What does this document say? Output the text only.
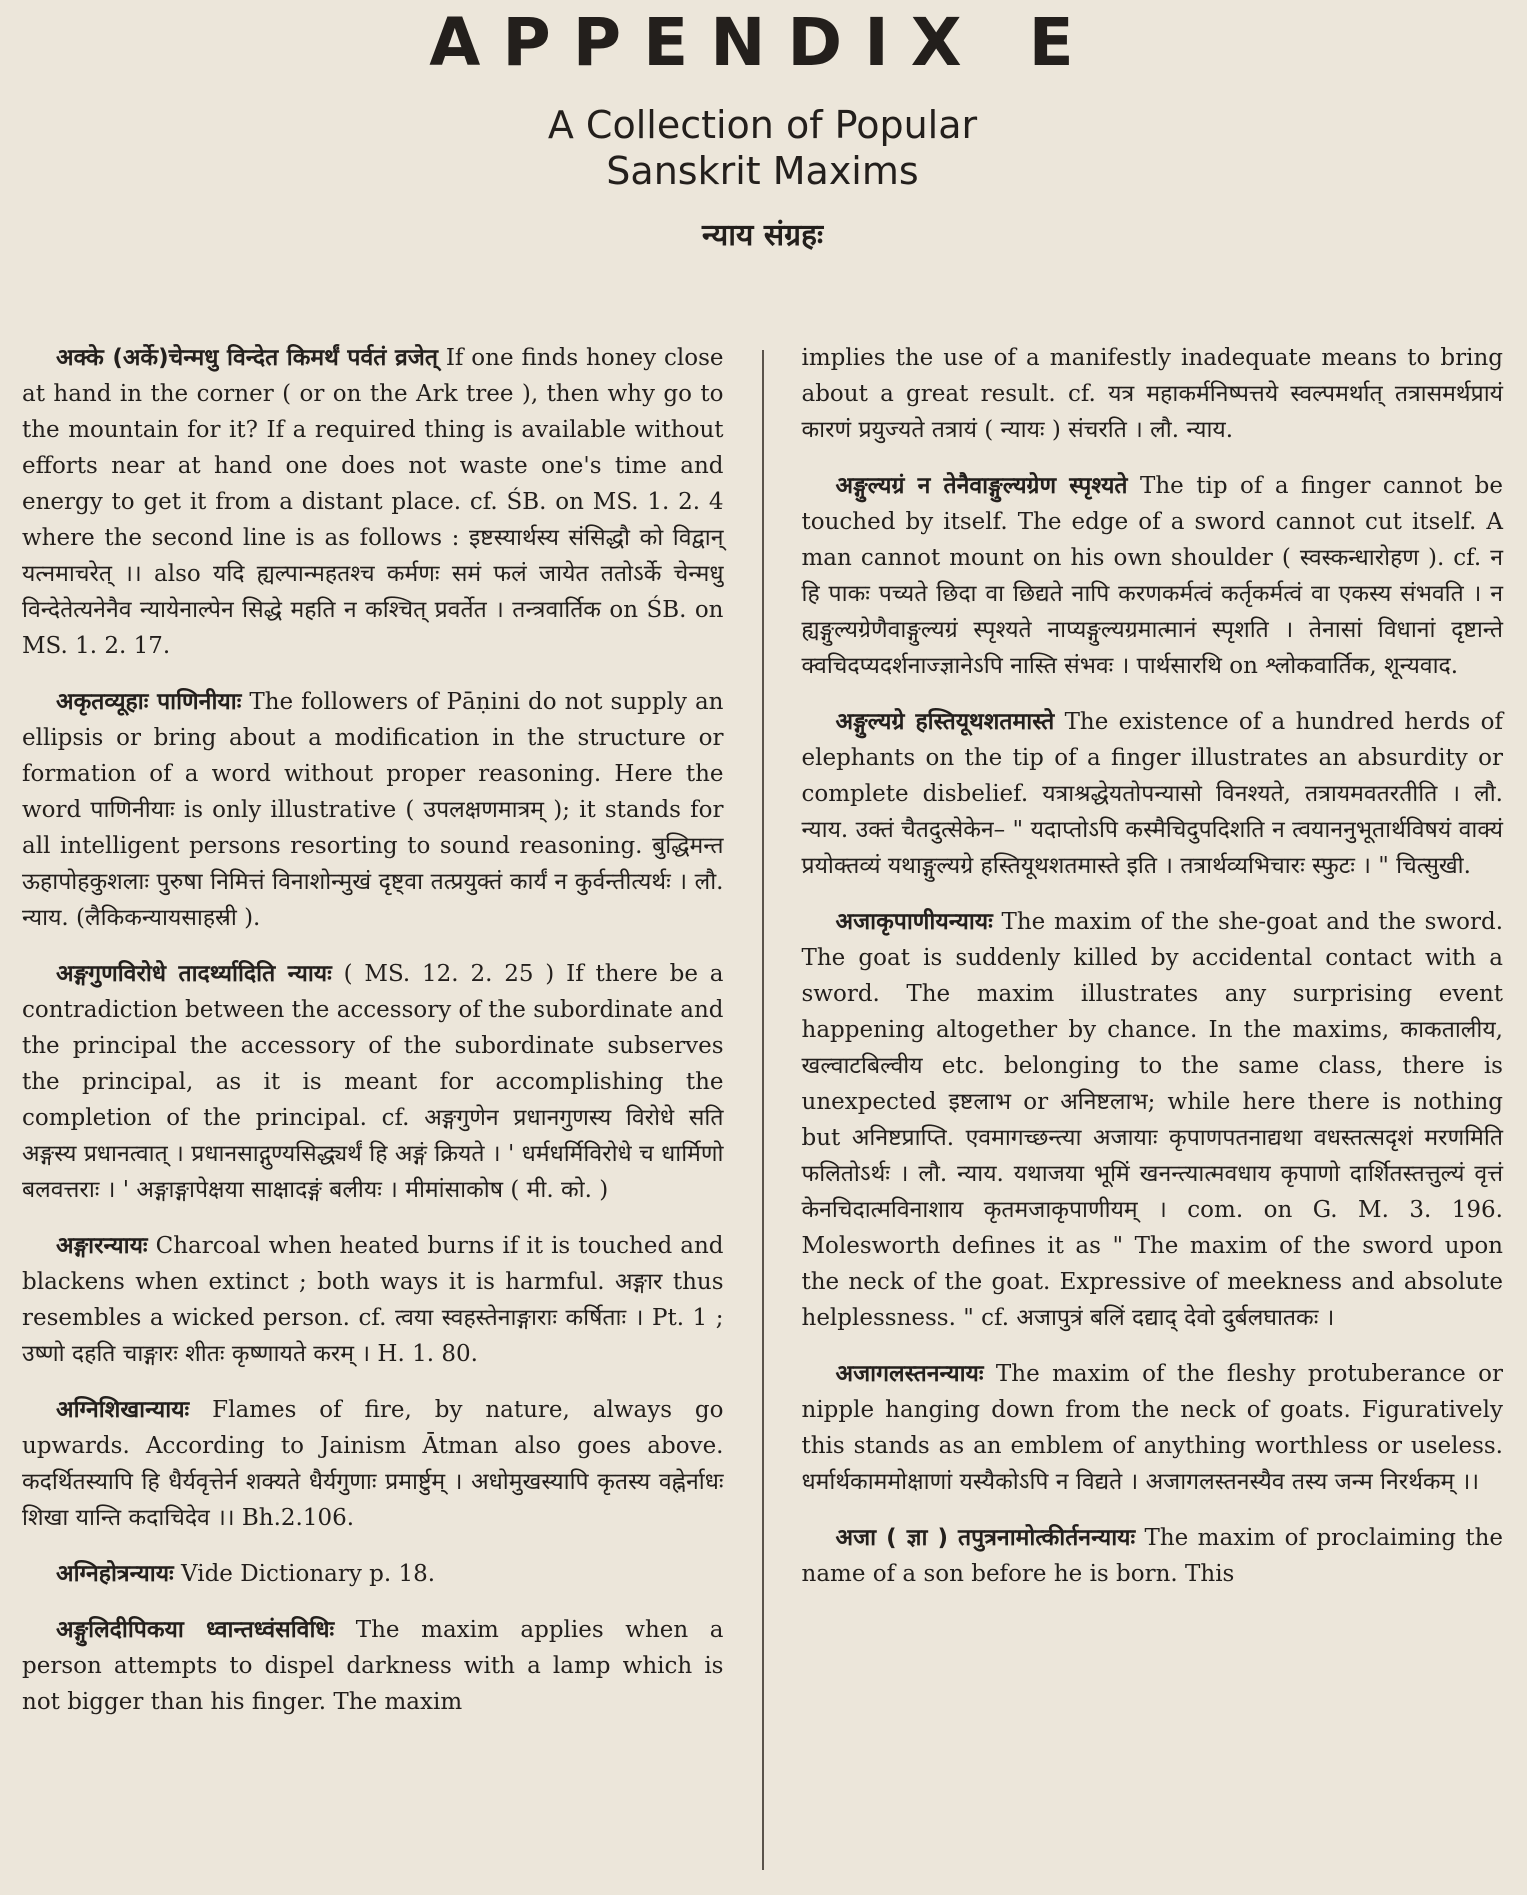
APPENDIX E
A Collection of Popular
Sanskrit Maxims
न्याय संग्रहः

अक्के (अर्के)चेन्मधु विन्देत किमर्थं पर्वतं व्रजेत् If one finds honey close at hand in the corner ( or on the Ark tree ), then why go to the mountain for it? If a required thing is available without efforts near at hand one does not waste one's time and energy to get it from a distant place. cf. ŚB. on MS. 1. 2. 4 where the second line is as follows : इष्टस्यार्थस्य संसिद्धौ को विद्वान् यत्नमाचरेत् ।। also यदि ह्यल्पान्महतश्च कर्मणः समं फलं जायेत ततोऽर्के चेन्मधु विन्देतेत्यनेनैव न्यायेनाल्पेन सिद्धे महति न कश्चित् प्रवर्तेत । तन्त्रवार्तिक on ŚB. on MS. 1. 2. 17.

अकृतव्यूहाः पाणिनीयाः The followers of Pāṇini do not supply an ellipsis or bring about a modification in the structure or formation of a word without proper reasoning. Here the word पाणिनीयाः is only illustrative ( उपलक्षणमात्रम् ); it stands for all intelligent persons resorting to sound reasoning. बुद्धिमन्त ऊहापोहकुशलाः पुरुषा निमित्तं विनाशोन्मुखं दृष्ट्वा तत्प्रयुक्तं कार्यं न कुर्वन्तीत्यर्थः । लौ. न्याय. (लैकिकन्यायसाहस्री ).

अङ्गगुणविरोधे तादर्थ्यादिति न्यायः ( MS. 12. 2. 25 ) If there be a contradiction between the accessory of the subordinate and the principal the accessory of the subordinate subserves the principal, as it is meant for accomplishing the completion of the principal. cf. अङ्गगुणेन प्रधानगुणस्य विरोधे सति अङ्गस्य प्रधानत्वात् । प्रधानसाद्गुण्यसिद्ध्यर्थं हि अङ्गं क्रियते । ' धर्मधर्मिविरोधे च धार्मिणो बलवत्तराः । ' अङ्गाङ्गापेक्षया साक्षादङ्गं बलीयः । मीमांसाकोष ( मी. को. )

अङ्गारन्यायः Charcoal when heated burns if it is touched and blackens when extinct ; both ways it is harmful. अङ्गार thus resembles a wicked person. cf. त्वया स्वहस्तेनाङ्गाराः कर्षिताः । Pt. 1 ; उष्णो दहति चाङ्गारः शीतः कृष्णायते करम् । H. 1. 80.

अग्निशिखान्यायः Flames of fire, by nature, always go upwards. According to Jainism Ātman also goes above. कदर्थितस्यापि हि धैर्यवृत्तेर्न शक्यते धैर्यगुणाः प्रमार्ष्टुम् । अधोमुखस्यापि कृतस्य वह्नेर्नाधः शिखा यान्ति कदाचिदेव ।। Bh.2.106.

अग्निहोत्रन्यायः Vide Dictionary p. 18.

अङ्गुलिदीपिकया ध्वान्तध्वंसविधिः The maxim applies when a person attempts to dispel darkness with a lamp which is not bigger than his finger. The maxim

implies the use of a manifestly inadequate means to bring about a great result. cf. यत्र महाकर्मनिष्पत्तये स्वल्पमर्थात् तत्रासमर्थप्रायं कारणं प्रयुज्यते तत्रायं ( न्यायः ) संचरति । लौ. न्याय.

अङ्गुल्यग्रं न तेनैवाङ्गुल्यग्रेण स्पृश्यते The tip of a finger cannot be touched by itself. The edge of a sword cannot cut itself. A man cannot mount on his own shoulder ( स्वस्कन्धारोहण ). cf. न हि पाकः पच्यते छिदा वा छिद्यते नापि करणकर्मत्वं कर्तृकर्मत्वं वा एकस्य संभवति । न ह्यङ्गुल्यग्रेणैवाङ्गुल्यग्रं स्पृश्यते नाप्यङ्गुल्यग्रमात्मानं स्पृशति । तेनासां विधानां दृष्टान्ते क्वचिदप्यदर्शनाज्ज्ञानेऽपि नास्ति संभवः । पार्थसारथि on श्लोकवार्तिक, शून्यवाद.

अङ्गुल्यग्रे हस्तियूथशतमास्ते The existence of a hundred herds of elephants on the tip of a finger illustrates an absurdity or complete disbelief. यत्राश्रद्धेयतोपन्यासो विनश्यते, तत्रायमवतरतीति । लौ. न्याय. उक्तं चैतदुत्सेकेन– " यदाप्तोऽपि कस्मैचिदुपदिशति न त्वयाननुभूतार्थविषयं वाक्यं प्रयोक्तव्यं यथाङ्गुल्यग्रे हस्तियूथशतमास्ते इति । तत्रार्थव्यभिचारः स्फुटः । " चित्सुखी.

अजाकृपाणीयन्यायः The maxim of the she-goat and the sword. The goat is suddenly killed by accidental contact with a sword. The maxim illustrates any surprising event happening altogether by chance. In the maxims, काकतालीय, खल्वाटबिल्वीय etc. belonging to the same class, there is unexpected इष्टलाभ or अनिष्टलाभ; while here there is nothing but अनिष्टप्राप्ति. एवमागच्छन्त्या अजायाः कृपाणपतनाद्यथा वधस्तत्सदृशं मरणमिति फलितोऽर्थः । लौ. न्याय. यथाजया भूमिं खनन्त्यात्मवधाय कृपाणो दार्शितस्तत्तुल्यं वृत्तं केनचिदात्मविनाशाय कृतमजाकृपाणीयम् । com. on G. M. 3. 196. Molesworth defines it as " The maxim of the sword upon the neck of the goat. Expressive of meekness and absolute helplessness. " cf. अजापुत्रं बलिं दद्याद् देवो दुर्बलघातकः ।

अजागलस्तनन्यायः The maxim of the fleshy protuberance or nipple hanging down from the neck of goats. Figuratively this stands as an emblem of anything worthless or useless. धर्मार्थकाममोक्षाणां यस्यैकोऽपि न विद्यते । अजागलस्तनस्यैव तस्य जन्म निरर्थकम् ।।

अजा ( ज्ञा ) तपुत्रनामोत्कीर्तनन्यायः The maxim of proclaiming the name of a son before he is born. This
